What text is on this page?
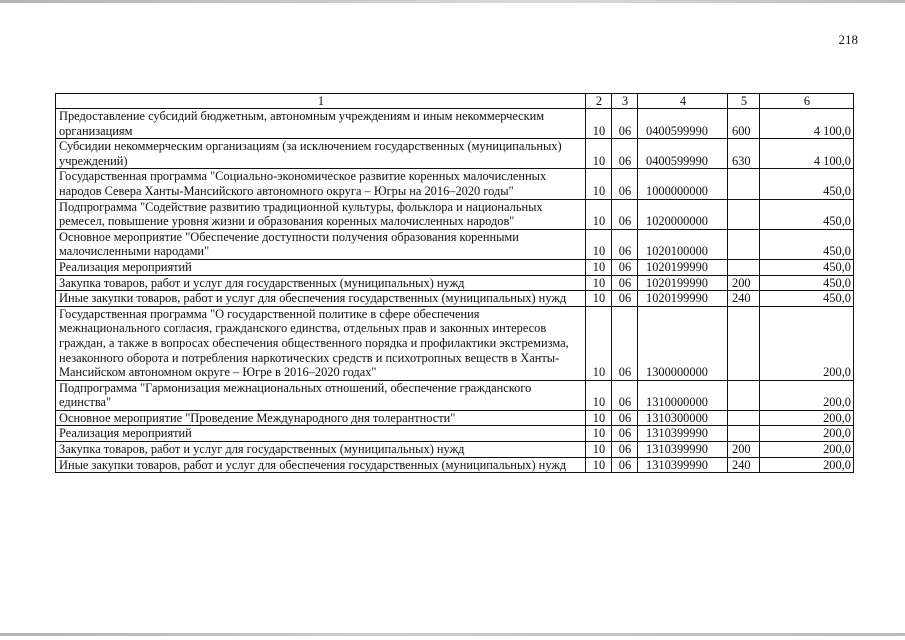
218
1	2	3	4	5	6
Предоставление субсидий бюджетным, автономным учреждениям и иным некоммерческим организациям	10	06	0400599990	600	4 100,0
Субсидии некоммерческим организациям (за исключением государственных (муниципальных) учреждений)	10	06	0400599990	630	4 100,0
Государственная программа "Социально-экономическое развитие коренных малочисленных народов Севера Ханты-Мансийского автономного округа – Югры на 2016–2020 годы"	10	06	1000000000		450,0
Подпрограмма "Содействие развитию традиционной культуры, фольклора и национальных ремесел, повышение уровня жизни и образования коренных малочисленных народов"	10	06	1020000000		450,0
Основное мероприятие "Обеспечение доступности получения образования коренными малочисленными народами"	10	06	1020100000		450,0
Реализация мероприятий	10	06	1020199990		450,0
Закупка товаров, работ и услуг для государственных (муниципальных) нужд	10	06	1020199990	200	450,0
Иные закупки товаров, работ и услуг для обеспечения государственных (муниципальных) нужд	10	06	1020199990	240	450,0
Государственная программа "О государственной политике в сфере обеспечения межнационального согласия, гражданского единства, отдельных прав и законных интересов граждан, а также в вопросах обеспечения общественного порядка и профилактики экстремизма, незаконного оборота и потребления наркотических средств и психотропных веществ в Ханты-Мансийском автономном округе – Югре в 2016–2020 годах"	10	06	1300000000		200,0
Подпрограмма "Гармонизация межнациональных отношений, обеспечение гражданского единства"	10	06	1310000000		200,0
Основное мероприятие "Проведение Международного дня толерантности"	10	06	1310300000		200,0
Реализация мероприятий	10	06	1310399990		200,0
Закупка товаров, работ и услуг для государственных (муниципальных) нужд	10	06	1310399990	200	200,0
Иные закупки товаров, работ и услуг для обеспечения государственных (муниципальных) нужд	10	06	1310399990	240	200,0
